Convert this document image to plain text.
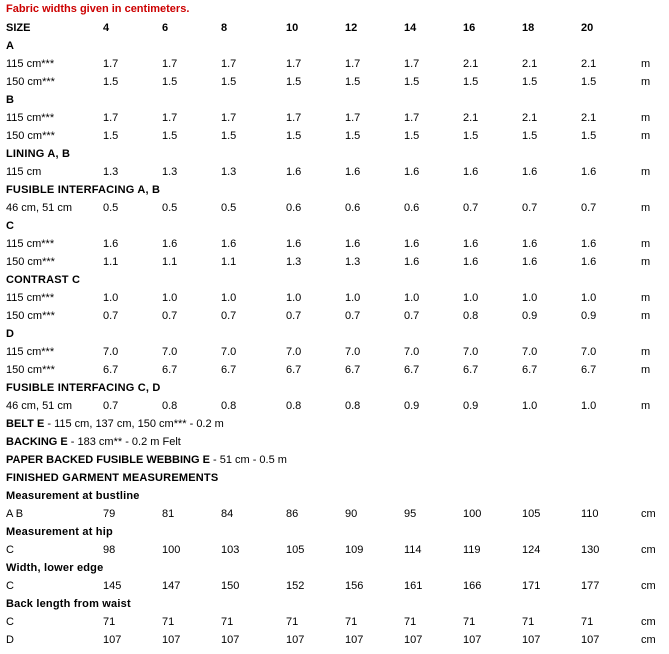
Fabric widths given in centimeters.
SIZE	4	6	8	10	12	14	16	18	20
A
115 cm***	1.7	1.7	1.7	1.7	1.7	1.7	2.1	2.1	2.1	m
150 cm***	1.5	1.5	1.5	1.5	1.5	1.5	1.5	1.5	1.5	m
B
115 cm***	1.7	1.7	1.7	1.7	1.7	1.7	2.1	2.1	2.1	m
150 cm***	1.5	1.5	1.5	1.5	1.5	1.5	1.5	1.5	1.5	m
LINING A, B
115 cm	1.3	1.3	1.3	1.6	1.6	1.6	1.6	1.6	1.6	m
FUSIBLE INTERFACING A, B
46 cm, 51 cm	0.5	0.5	0.5	0.6	0.6	0.6	0.7	0.7	0.7	m
C
115 cm***	1.6	1.6	1.6	1.6	1.6	1.6	1.6	1.6	1.6	m
150 cm***	1.1	1.1	1.1	1.3	1.3	1.6	1.6	1.6	1.6	m
CONTRAST C
115 cm***	1.0	1.0	1.0	1.0	1.0	1.0	1.0	1.0	1.0	m
150 cm***	0.7	0.7	0.7	0.7	0.7	0.7	0.8	0.9	0.9	m
D
115 cm***	7.0	7.0	7.0	7.0	7.0	7.0	7.0	7.0	7.0	m
150 cm***	6.7	6.7	6.7	6.7	6.7	6.7	6.7	6.7	6.7	m
FUSIBLE INTERFACING C, D
46 cm, 51 cm	0.7	0.8	0.8	0.8	0.8	0.9	0.9	1.0	1.0	m
BELT E - 115 cm, 137 cm, 150 cm*** - 0.2 m
BACKING E - 183 cm** - 0.2 m Felt
PAPER BACKED FUSIBLE WEBBING E - 51 cm - 0.5 m
FINISHED GARMENT MEASUREMENTS
Measurement at bustline
A B	79	81	84	86	90	95	100	105	110	cm
Measurement at hip
C	98	100	103	105	109	114	119	124	130	cm
Width, lower edge
C	145	147	150	152	156	161	166	171	177	cm
Back length from waist
C	71	71	71	71	71	71	71	71	71	cm
D	107	107	107	107	107	107	107	107	107	cm
